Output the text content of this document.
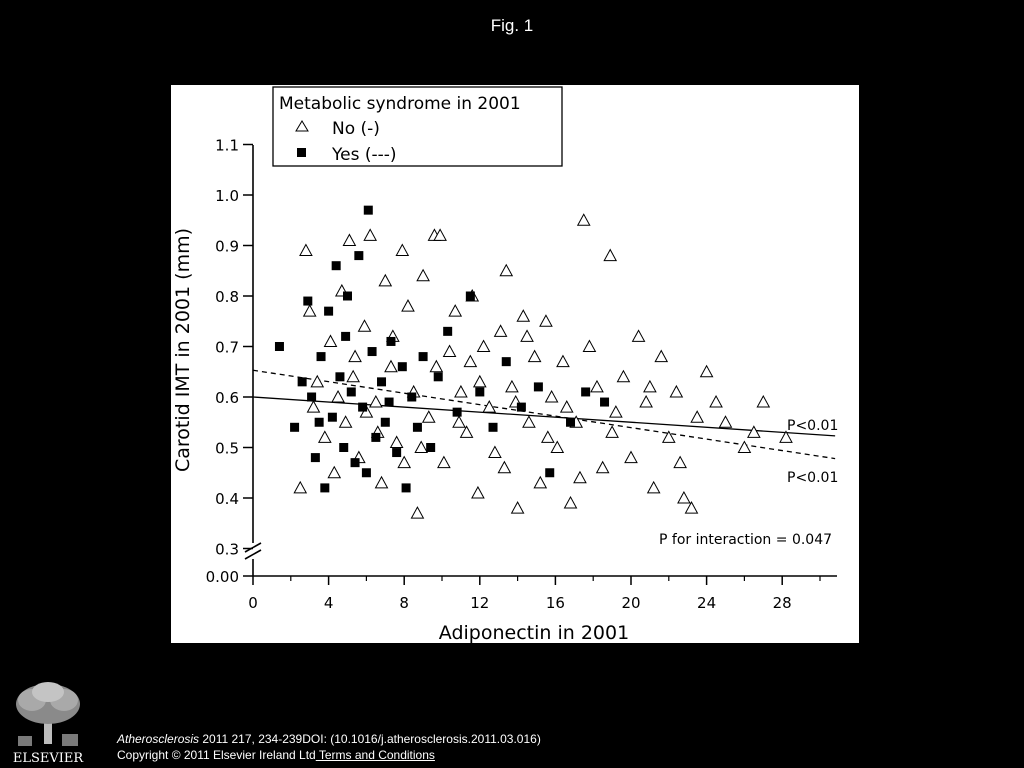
Fig. 1
0.00
0.3
0.4
0.5
0.6
0.7
0.8
0.9
1.0
1.1
0	4	8	12	16	20	24	28
Adiponectin in 2001
Carotid IMT in 2001 (mm)	P<0.01
P<0.01
P for interaction = 0.047
Metabolic syndrome in 2001
No (-)
Yes (---)
ELSEVIER
Atherosclerosis 2011 217, 234-239DOI: (10.1016/j.atherosclerosis.2011.03.016)
Copyright © 2011 Elsevier Ireland Ltd Terms and Conditions
